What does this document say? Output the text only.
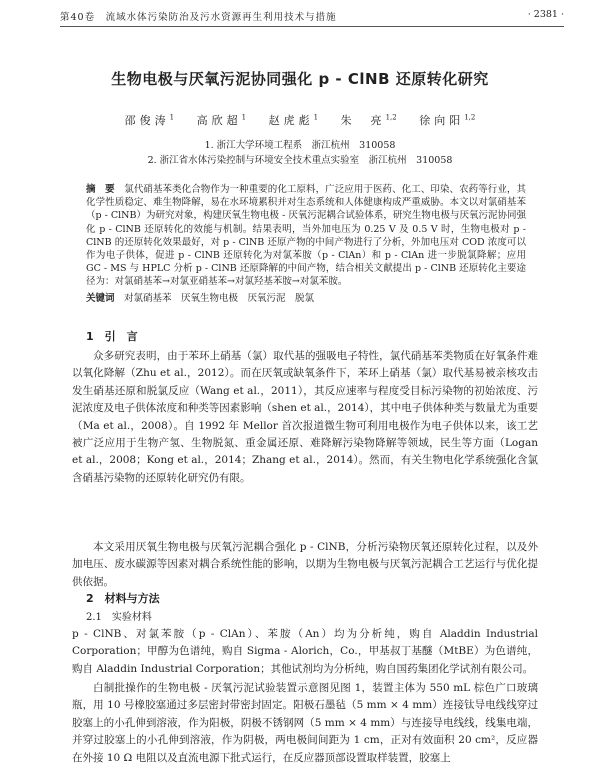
第40卷　流域水体污染防治及污水资源再生利用技术与措施	· 2381 ·
生物电极与厌氧污泥协同强化 p - ClNB 还原转化研究
邵俊涛$^1$　 高欣超$^1$　 赵虎彪$^1$　 朱　亮$^{1,2}$　 徐向阳$^{1,2}$
1. 浙江大学环境工程系　浙江杭州　310058
2. 浙江省水体污染控制与环境安全技术重点实验室　浙江杭州　310058
摘　要　 氯代硝基苯类化合物作为一种重要的化工原料，广泛应用于医药、化工、印染、农药等行业，其化学性质稳定、难生物降解，易在水环境累积并对生态系统和人体健康构成严重威胁。本文以对氯硝基苯（p - ClNB）为研究对象，构建厌氧生物电极 - 厌氧污泥耦合试验体系，研究生物电极与厌氧污泥协同强化 p - ClNB 还原转化的效能与机制。结果表明，当外加电压为 0.25 V 及 0.5 V 时，生物电极对 p - ClNB 的还原转化效果最好，对 p - ClNB 还原产物的中间产物进行了分析，外加电压对 COD 浓度可以作为电子供体，促进 p - ClNB 还原转化为对氯苯胺（p - ClAn）和 p - ClAn 进一步脱氯降解；应用 GC - MS 与 HPLC 分析 p - ClNB 还原降解的中间产物，结合相关文献提出 p - ClNB 还原转化主要途径为：对氯硝基苯→对氯亚硝基苯→对氯羟基苯胺→对氯苯胺。
关键词　 对氯硝基苯　厌氧生物电极　厌氧污泥　脱氯
1　引　言
众多研究表明，由于苯环上硝基（氯）取代基的强吸电子特性，氯代硝基苯类物质在好氧条件难以氧化降解（Zhu et al.，2012）。而在厌氧或缺氧条件下，苯环上硝基（氯）取代基易被亲核攻击发生硝基还原和脱氯反应（Wang et al.，2011），其反应速率与程度受目标污染物的初始浓度、污泥浓度及电子供体浓度和种类等因素影响（shen et al.，2014），其中电子供体种类与数量尤为重要（Ma et al.，2008）。自 1992 年 Mellor 首次报道微生物可利用电极作为电子供体以来，该工艺被广泛应用于生物产氢、生物脱氮、重金属还原、难降解污染物降解等领域，民生等方面（Logan et al.，2008；Kong et al.，2014；Zhang et al.，2014）。然而，有关生物电化学系统强化含氯含硝基污染物的还原转化研究仍有限。
本文采用厌氧生物电极与厌氧污泥耦合强化 p - ClNB，分析污染物厌氧还原转化过程，以及外加电压、废水碳源等因素对耦合系统性能的影响，以期为生物电极与厌氧污泥耦合工艺运行与优化提供依据。
2　材料与方法
2.1　实验材料
p - ClNB、对氯苯胺（p - ClAn）、苯胺（An）均为分析纯，购自 Aladdin Industrial Corporation；甲醇为色谱纯，购自 Sigma - Alorich，Co.，甲基叔丁基醚（MtBE）为色谱纯，购自 Aladdin Industrial Corporation；其他试剂均为分析纯，购自国药集团化学试剂有限公司。
白制批操作的生物电极 - 厌氧污泥试验装置示意图见图 1，装置主体为 550 mL 棕色广口玻璃瓶，用 10 号橡胶塞通过多层密封带密封固定。阳极石墨毡（5 mm × 4 mm）连接钛导电线线穿过胶塞上的小孔伸到溶液，作为阳极，阴极不锈钢网（5 mm × 4 mm）与连接导电线线，线集电端，并穿过胶塞上的小孔伸到溶液，作为阴极，两电极间间距为 1 cm，正对有效面积 20 cm²，反应器在外接 10 Ω 电阻以及直流电源下批式运行，在反应器顶部设置取样装置，胶塞上
